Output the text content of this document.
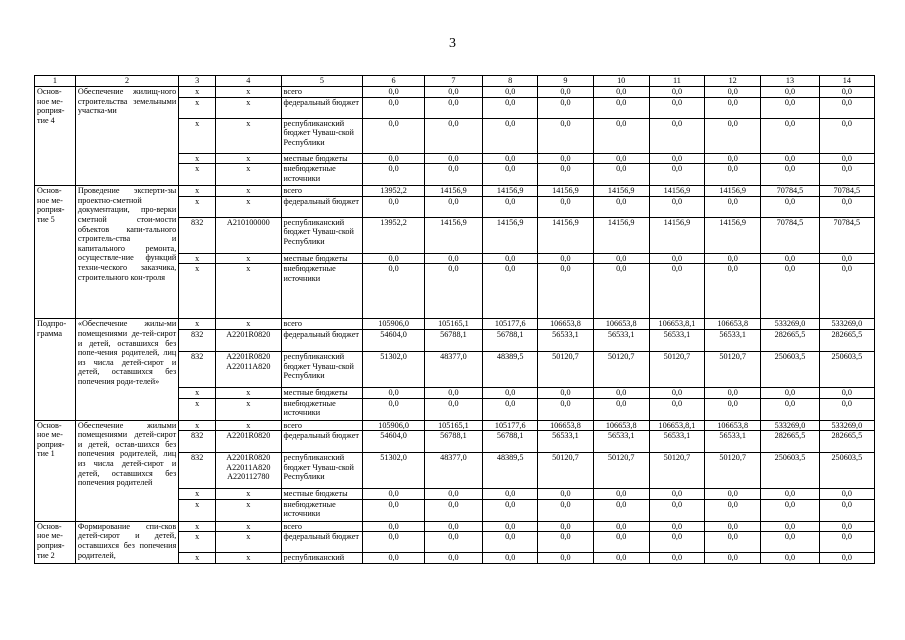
3
1	2	3	4	5	6	7	8	9	10	11	12	13	14
Основ-ное ме-роприя-тие 4	Обеспечение жилищ-ного строительства земельными участка-ми	x	x	всего	0,0	0,0	0,0	0,0	0,0	0,0	0,0	0,0	0,0
		x	x	федеральный бюджет	0,0	0,0	0,0	0,0	0,0	0,0	0,0	0,0	0,0
		x	x	республиканский бюджет Чуваш-ской Республики	0,0	0,0	0,0	0,0	0,0	0,0	0,0	0,0	0,0
		x	x	местные бюджеты	0,0	0,0	0,0	0,0	0,0	0,0	0,0	0,0	0,0
		x	x	внебюджетные источники	0,0	0,0	0,0	0,0	0,0	0,0	0,0	0,0	0,0
Основ-ное ме-роприя-тие 5	Проведение эксперти-зы проектно-сметной документации, про-верки сметной стои-мости объектов капи-тального строитель-ства и капитального ремонта, осуществле-ние функций техни-ческого заказчика, строительного кон-троля	x	x	всего	13952,2	14156,9	14156,9	14156,9	14156,9	14156,9	14156,9	70784,5	70784,5
		x	x	федеральный бюджет	0,0	0,0	0,0	0,0	0,0	0,0	0,0	0,0	0,0
		832	А210100000	республиканский бюджет Чуваш-ской Республики	13952,2	14156,9	14156,9	14156,9	14156,9	14156,9	14156,9	70784,5	70784,5
		x	x	местные бюджеты	0,0	0,0	0,0	0,0	0,0	0,0	0,0	0,0	0,0
		x	x	внебюджетные источники	0,0	0,0	0,0	0,0	0,0	0,0	0,0	0,0	0,0
Подпро-грамма	«Обеспечение жилы-ми помещениями де-тей-сирот и детей, оставшихся без попе-чения родителей, лиц из числа детей-сирот и детей, оставшихся без попечения роди-телей»	x	x	всего	105906,0	105165,1	105177,6	106653,8	106653,8	106653,8,1	106653,8	533269,0	533269,0
		832	А2201R0820	федеральный бюджет	54604,0	56788,1	56788,1	56533,1	56533,1	56533,1	56533,1	282665,5	282665,5
		832	А2201R0820 А22011А820	республиканский бюджет Чуваш-ской Республики	51302,0	48377,0	48389,5	50120,7	50120,7	50120,7	50120,7	250603,5	250603,5
		x	x	местные бюджеты	0,0	0,0	0,0	0,0	0,0	0,0	0,0	0,0	0,0
		x	x	внебюджетные источники	0,0	0,0	0,0	0,0	0,0	0,0	0,0	0,0	0,0
Основ-ное ме-роприя-тие 1	Обеспечение жилыми помещениями детей-сирот и детей, остав-шихся без попечения родителей, лиц из числа детей-сирот и детей, оставшихся без попечения родителей	x	x	всего	105906,0	105165,1	105177,6	106653,8	106653,8	106653,8,1	106653,8	533269,0	533269,0
		832	А2201R0820	федеральный бюджет	54604,0	56788,1	56788,1	56533,1	56533,1	56533,1	56533,1	282665,5	282665,5
		832	А2201R0820 А22011А820 А220112780	республиканский бюджет Чуваш-ской Республики	51302,0	48377,0	48389,5	50120,7	50120,7	50120,7	50120,7	250603,5	250603,5
		x	x	местные бюджеты	0,0	0,0	0,0	0,0	0,0	0,0	0,0	0,0	0,0
		x	x	внебюджетные источники	0,0	0,0	0,0	0,0	0,0	0,0	0,0	0,0	0,0
Основ-ное ме-роприя-тие 2	Формирование спи-сков детей-сирот и детей, оставшихся без попечения родителей,	x	x	всего	0,0	0,0	0,0	0,0	0,0	0,0	0,0	0,0	0,0
		x	x	федеральный бюджет	0,0	0,0	0,0	0,0	0,0	0,0	0,0	0,0	0,0
		x	x	республиканский	0,0	0,0	0,0	0,0	0,0	0,0	0,0	0,0	0,0
